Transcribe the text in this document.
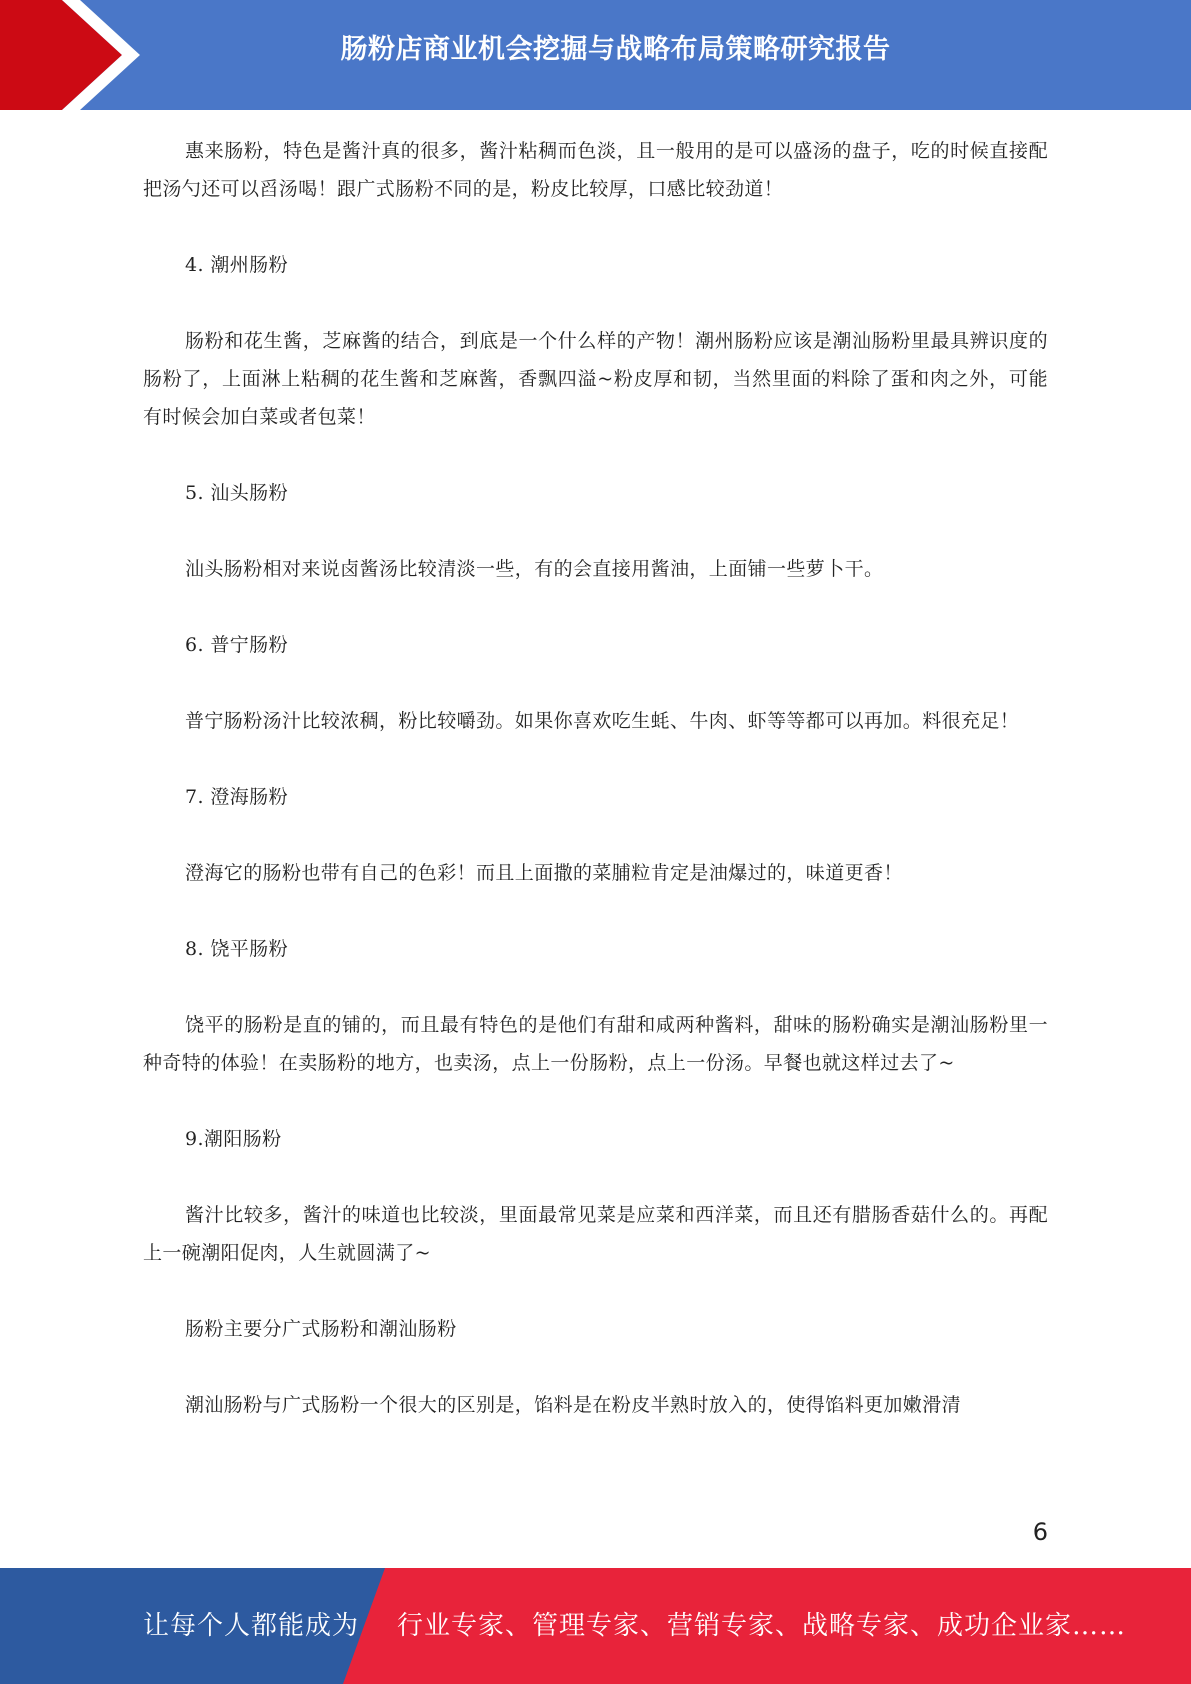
肠粉店商业机会挖掘与战略布局策略研究报告

惠来肠粉，特色是酱汁真的很多，酱汁粘稠而色淡，且一般用的是可以盛汤的盘子，吃的时候直接配把汤勺还可以舀汤喝！跟广式肠粉不同的是，粉皮比较厚，口感比较劲道！

4. 潮州肠粉

肠粉和花生酱，芝麻酱的结合，到底是一个什么样的产物！潮州肠粉应该是潮汕肠粉里最具辨识度的肠粉了，上面淋上粘稠的花生酱和芝麻酱，香飘四溢~粉皮厚和韧，当然里面的料除了蛋和肉之外，可能有时候会加白菜或者包菜！

5. 汕头肠粉

汕头肠粉相对来说卤酱汤比较清淡一些，有的会直接用酱油，上面铺一些萝卜干。

6. 普宁肠粉

普宁肠粉汤汁比较浓稠，粉比较嚼劲。如果你喜欢吃生蚝、牛肉、虾等等都可以再加。料很充足！

7. 澄海肠粉

澄海它的肠粉也带有自己的色彩！而且上面撒的菜脯粒肯定是油爆过的，味道更香！

8. 饶平肠粉

饶平的肠粉是直的铺的，而且最有特色的是他们有甜和咸两种酱料，甜味的肠粉确实是潮汕肠粉里一种奇特的体验！在卖肠粉的地方，也卖汤，点上一份肠粉，点上一份汤。早餐也就这样过去了~

9.潮阳肠粉

酱汁比较多，酱汁的味道也比较淡，里面最常见菜是应菜和西洋菜，而且还有腊肠香菇什么的。再配上一碗潮阳促肉，人生就圆满了~

肠粉主要分广式肠粉和潮汕肠粉

潮汕肠粉与广式肠粉一个很大的区别是，馅料是在粉皮半熟时放入的，使得馅料更加嫩滑清

6
让每个人都能成为 行业专家、管理专家、营销专家、战略专家、成功企业家……
